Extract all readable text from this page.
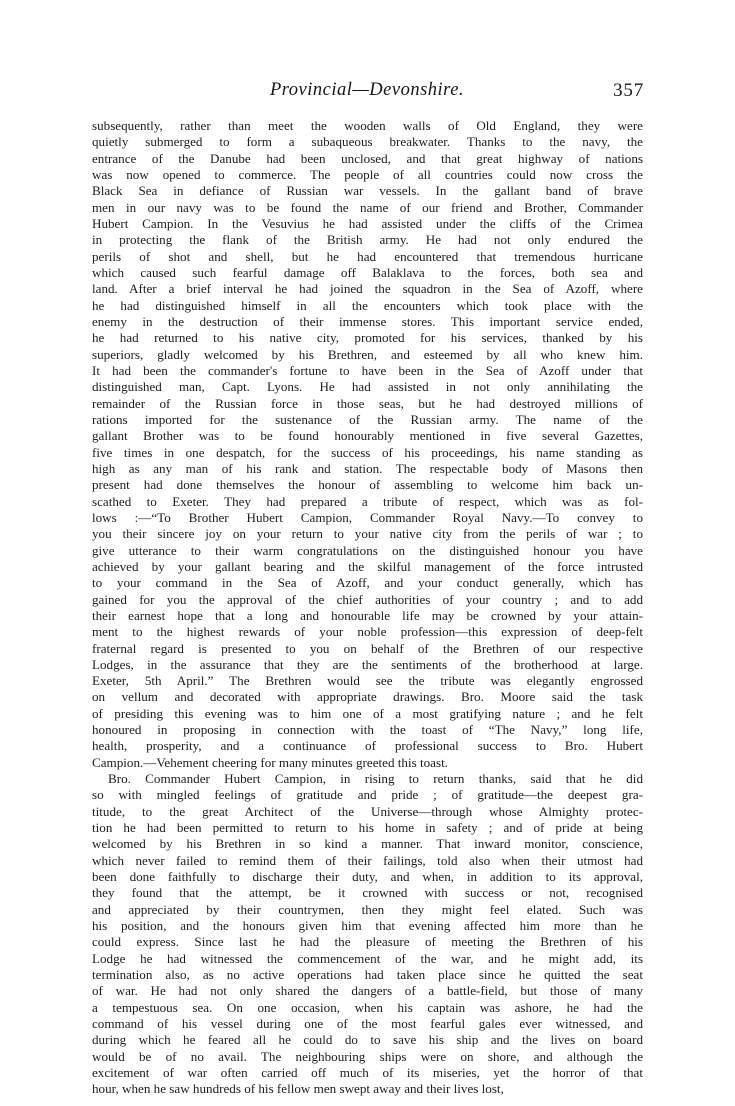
Provincial—Devonshire.	357
subsequently, rather than meet the wooden walls of Old England, they were
quietly submerged to form a subaqueous breakwater. Thanks to the navy, the
entrance of the Danube had been unclosed, and that great highway of nations
was now opened to commerce. The people of all countries could now cross the
Black Sea in defiance of Russian war vessels. In the gallant band of brave
men in our navy was to be found the name of our friend and Brother, Commander
Hubert Campion. In the Vesuvius he had assisted under the cliffs of the Crimea
in protecting the flank of the British army. He had not only endured the
perils of shot and shell, but he had encountered that tremendous hurricane
which caused such fearful damage off Balaklava to the forces, both sea and
land. After a brief interval he had joined the squadron in the Sea of Azoff, where
he had distinguished himself in all the encounters which took place with the
enemy in the destruction of their immense stores. This important service ended,
he had returned to his native city, promoted for his services, thanked by his
superiors, gladly welcomed by his Brethren, and esteemed by all who knew him.
It had been the commander's fortune to have been in the Sea of Azoff under that
distinguished man, Capt. Lyons. He had assisted in not only annihilating the
remainder of the Russian force in those seas, but he had destroyed millions of
rations imported for the sustenance of the Russian army. The name of the
gallant Brother was to be found honourably mentioned in five several Gazettes,
five times in one despatch, for the success of his proceedings, his name standing as
high as any man of his rank and station. The respectable body of Masons then
present had done themselves the honour of assembling to welcome him back un-
scathed to Exeter. They had prepared a tribute of respect, which was as fol-
lows :—“To Brother Hubert Campion, Commander Royal Navy.—To convey to
you their sincere joy on your return to your native city from the perils of war ; to
give utterance to their warm congratulations on the distinguished honour you have
achieved by your gallant bearing and the skilful management of the force intrusted
to your command in the Sea of Azoff, and your conduct generally, which has
gained for you the approval of the chief authorities of your country ; and to add
their earnest hope that a long and honourable life may be crowned by your attain-
ment to the highest rewards of your noble profession—this expression of deep-felt
fraternal regard is presented to you on behalf of the Brethren of our respective
Lodges, in the assurance that they are the sentiments of the brotherhood at large.
Exeter, 5th April.” The Brethren would see the tribute was elegantly engrossed
on vellum and decorated with appropriate drawings. Bro. Moore said the task
of presiding this evening was to him one of a most gratifying nature ; and he felt
honoured in proposing in connection with the toast of “The Navy,” long life,
health, prosperity, and a continuance of professional success to Bro. Hubert
Campion.—Vehement cheering for many minutes greeted this toast.
Bro. Commander Hubert Campion, in rising to return thanks, said that he did
so with mingled feelings of gratitude and pride ; of gratitude—the deepest gra-
titude, to the great Architect of the Universe—through whose Almighty protec-
tion he had been permitted to return to his home in safety ; and of pride at being
welcomed by his Brethren in so kind a manner. That inward monitor, conscience,
which never failed to remind them of their failings, told also when their utmost had
been done faithfully to discharge their duty, and when, in addition to its approval,
they found that the attempt, be it crowned with success or not, recognised
and appreciated by their countrymen, then they might feel elated. Such was
his position, and the honours given him that evening affected him more than he
could express. Since last he had the pleasure of meeting the Brethren of his
Lodge he had witnessed the commencement of the war, and he might add, its
termination also, as no active operations had taken place since he quitted the seat
of war. He had not only shared the dangers of a battle-field, but those of many
a tempestuous sea. On one occasion, when his captain was ashore, he had the
command of his vessel during one of the most fearful gales ever witnessed, and
during which he feared all he could do to save his ship and the lives on board
would be of no avail. The neighbouring ships were on shore, and although the
excitement of war often carried off much of its miseries, yet the horror of that
hour, when he saw hundreds of his fellow men swept away and their lives lost,
